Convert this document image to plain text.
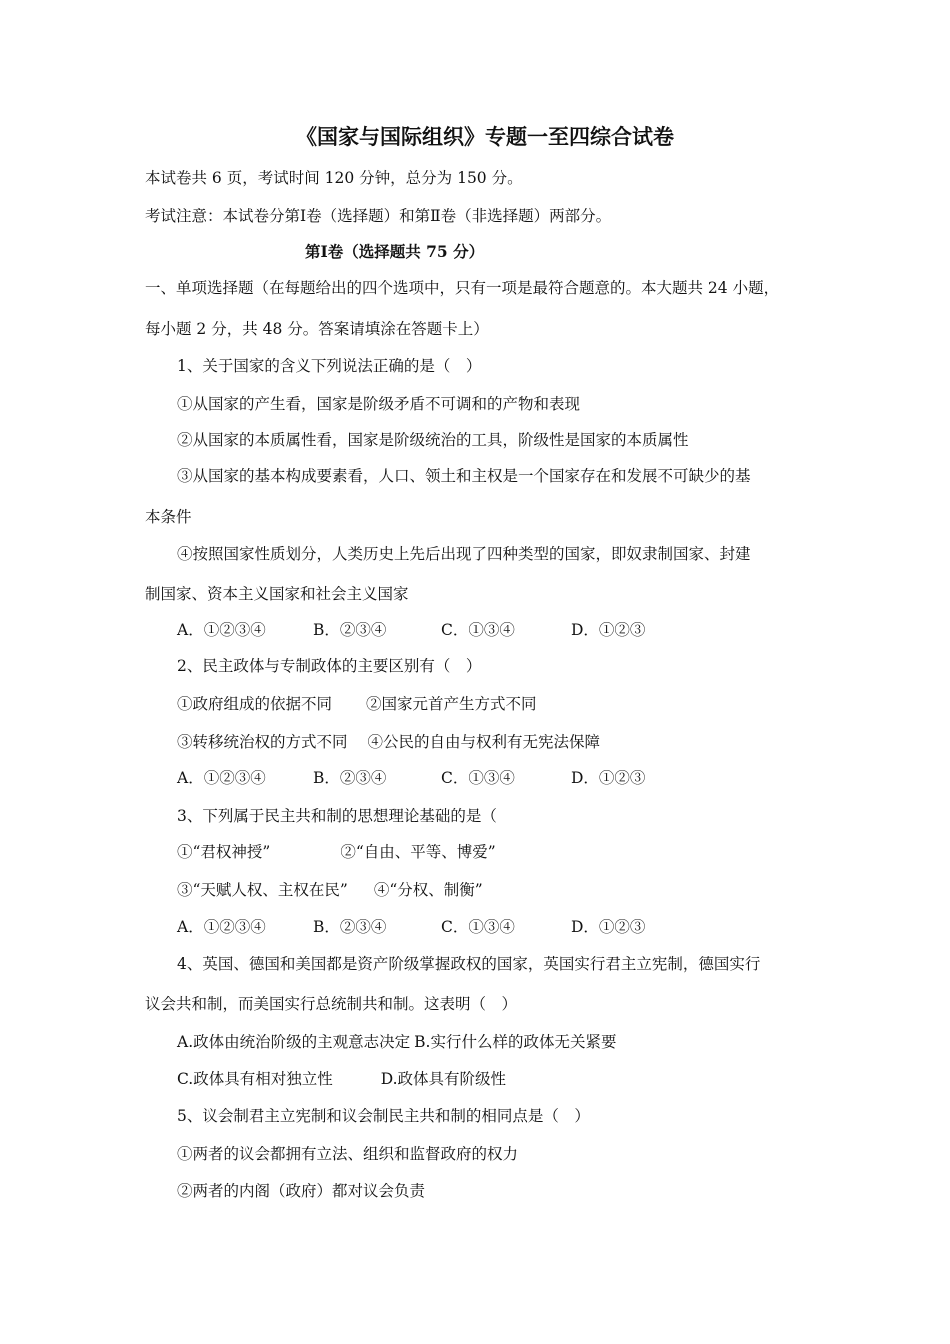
《国家与国际组织》专题一至四综合试卷
本试卷共 6 页，考试时间 120 分钟，总分为 150 分。
考试注意：本试卷分第Ⅰ卷（选择题）和第Ⅱ卷（非选择题）两部分。
第Ⅰ卷（选择题共 75 分）
一、单项选择题（在每题给出的四个选项中，只有一项是最符合题意的。本大题共 24 小题，
每小题 2 分，共 48 分。答案请填涂在答题卡上）
1、关于国家的含义下列说法正确的是（　）
①从国家的产生看，国家是阶级矛盾不可调和的产物和表现
②从国家的本质属性看，国家是阶级统治的工具，阶级性是国家的本质属性
③从国家的基本构成要素看，人口、领土和主权是一个国家存在和发展不可缺少的基
本条件
④按照国家性质划分，人类历史上先后出现了四种类型的国家，即奴隶制国家、封建
制国家、资本主义国家和社会主义国家
A．①②③④	B．②③④	C．①③④	D．①②③
2、民主政体与专制政体的主要区别有（　）
①政府组成的依据不同 ②国家元首产生方式不同
③转移统治权的方式不同 ④公民的自由与权利有无宪法保障
A．①②③④	B．②③④	C．①③④	D．①②③
3、下列属于民主共和制的思想理论基础的是（
①“君权神授”	②“自由、平等、博爱”
③“天赋人权、主权在民” ④“分权、制衡”
A．①②③④	B．②③④	C．①③④	D．①②③
4、英国、德国和美国都是资产阶级掌握政权的国家，英国实行君主立宪制，德国实行
议会共和制，而美国实行总统制共和制。这表明（　）
A.政体由统治阶级的主观意志决定 B.实行什么样的政体无关紧要
C.政体具有相对独立性	D.政体具有阶级性
5、议会制君主立宪制和议会制民主共和制的相同点是（　）
①两者的议会都拥有立法、组织和监督政府的权力
②两者的内阁（政府）都对议会负责
